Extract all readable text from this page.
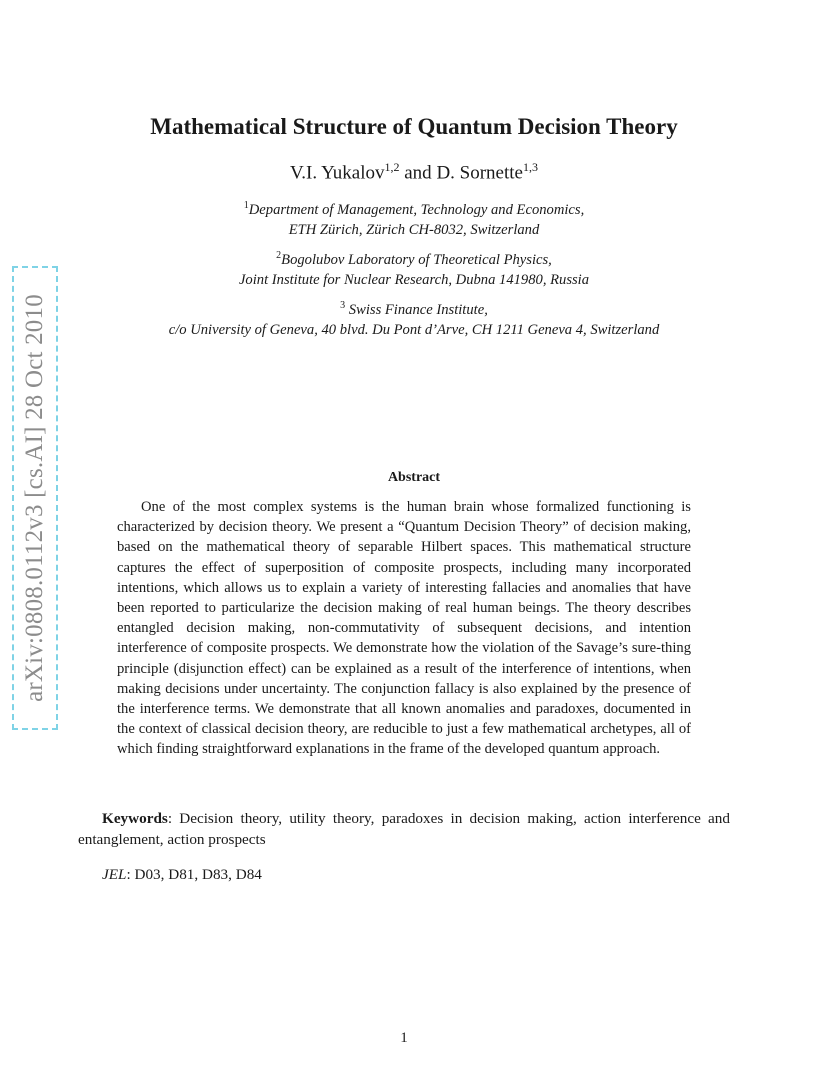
arXiv:0808.0112v3 [cs.AI] 28 Oct 2010
Mathematical Structure of Quantum Decision Theory
V.I. Yukalov$^{1,2}$ and D. Sornette$^{1,3}$
$^1$Department of Management, Technology and Economics,
ETH Zürich, Zürich CH-8032, Switzerland
$^2$Bogolubov Laboratory of Theoretical Physics,
Joint Institute for Nuclear Research, Dubna 141980, Russia
$^3$ Swiss Finance Institute,
c/o University of Geneva, 40 blvd. Du Pont d’Arve, CH 1211 Geneva 4, Switzerland
Abstract
One of the most complex systems is the human brain whose formalized functioning is characterized by decision theory. We present a “Quantum Decision Theory” of decision making, based on the mathematical theory of separable Hilbert spaces. This mathematical structure captures the effect of superposition of composite prospects, including many incorporated intentions, which allows us to explain a variety of interesting fallacies and anomalies that have been reported to particularize the decision making of real human beings. The theory describes entangled decision making, non-commutativity of subsequent decisions, and intention interference of composite prospects. We demonstrate how the violation of the Savage’s sure-thing principle (disjunction effect) can be explained as a result of the interference of intentions, when making decisions under uncertainty. The conjunction fallacy is also explained by the presence of the interference terms. We demonstrate that all known anomalies and paradoxes, documented in the context of classical decision theory, are reducible to just a few mathematical archetypes, all of which finding straightforward explanations in the frame of the developed quantum approach.
Keywords: Decision theory, utility theory, paradoxes in decision making, action interference and entanglement, action prospects
JEL: D03, D81, D83, D84
1
